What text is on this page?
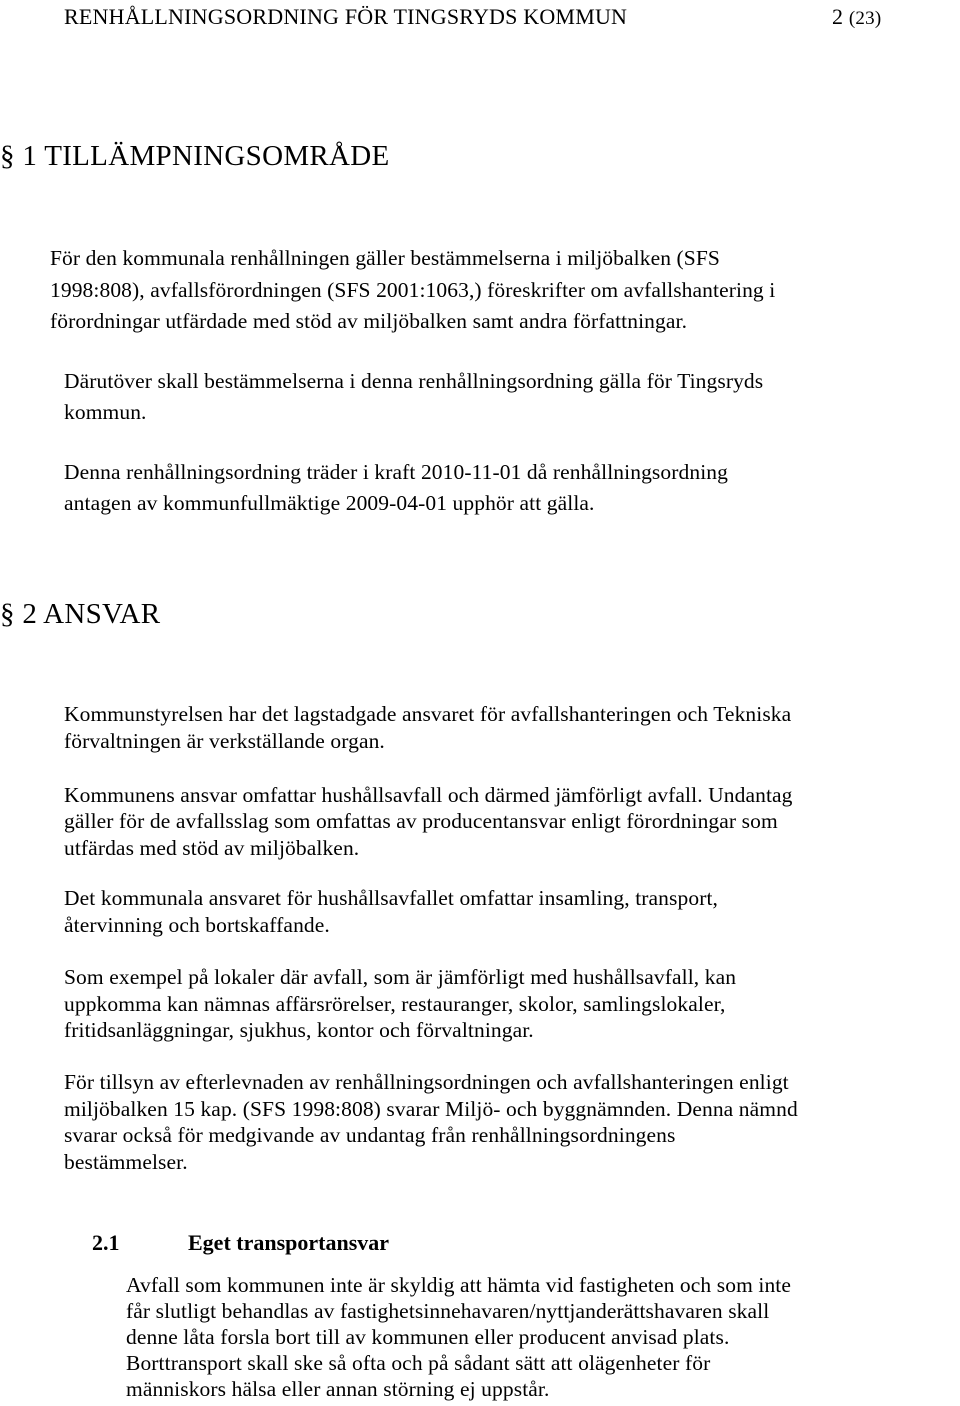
RENHÅLLNINGSORDNING FÖR TINGSRYDS KOMMUN	2 (23)
§ 1 TILLÄMPNINGSOMRÅDE
För den kommunala renhållningen gäller bestämmelserna i miljöbalken (SFS
1998:808), avfallsförordningen (SFS 2001:1063,) föreskrifter om avfallshantering i
förordningar utfärdade med stöd av miljöbalken samt andra författningar.
Därutöver skall bestämmelserna i denna renhållningsordning gälla för Tingsryds
kommun.
Denna renhållningsordning träder i kraft 2010-11-01 då renhållningsordning
antagen av kommunfullmäktige 2009-04-01 upphör att gälla.
§ 2 ANSVAR
Kommunstyrelsen har det lagstadgade ansvaret för avfallshanteringen och Tekniska
förvaltningen är verkställande organ.
Kommunens ansvar omfattar hushållsavfall och därmed jämförligt avfall. Undantag
gäller för de avfallsslag som omfattas av producentansvar enligt förordningar som
utfärdas med stöd av miljöbalken.
Det kommunala ansvaret för hushållsavfallet omfattar insamling, transport,
återvinning och bortskaffande.
Som exempel på lokaler där avfall, som är jämförligt med hushållsavfall, kan
uppkomma kan nämnas affärsrörelser, restauranger, skolor, samlingslokaler,
fritidsanläggningar, sjukhus, kontor och förvaltningar.
För tillsyn av efterlevnaden av renhållningsordningen och avfallshanteringen enligt
miljöbalken 15 kap. (SFS 1998:808) svarar Miljö- och byggnämnden. Denna nämnd
svarar också för medgivande av undantag från renhållningsordningens
bestämmelser.
2.1	Eget transportansvar
Avfall som kommunen inte är skyldig att hämta vid fastigheten och som inte
får slutligt behandlas av fastighetsinnehavaren/nyttjanderättshavaren skall
denne låta forsla bort till av kommunen eller producent anvisad plats.
Borttransport skall ske så ofta och på sådant sätt att olägenheter för
människors hälsa eller annan störning ej uppstår.
